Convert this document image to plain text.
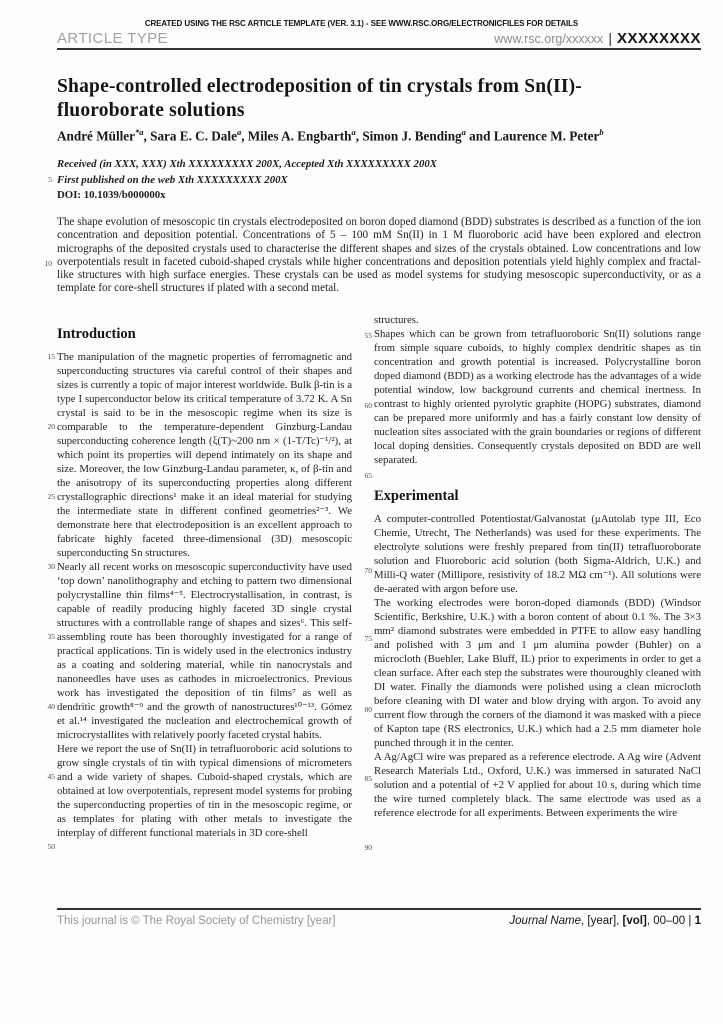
CREATED USING THE RSC ARTICLE TEMPLATE (VER. 3.1) - SEE WWW.RSC.ORG/ELECTRONICFILES FOR DETAILS
ARTICLE TYPE	www.rsc.org/xxxxxx | XXXXXXXX
Shape-controlled electrodeposition of tin crystals from Sn(II)-fluoroborate solutions
André Müller$^{*a}$, Sara E. C. Dale$^a$, Miles A. Engbarth$^a$, Simon J. Bending$^a$ and Laurence M. Peter$^b$
Received (in XXX, XXX) Xth XXXXXXXXX 200X, Accepted Xth XXXXXXXXX 200X
First published on the web Xth XXXXXXXXX 200X
DOI: 10.1039/b000000x
The shape evolution of mesoscopic tin crystals electrodeposited on boron doped diamond (BDD) substrates is described as a function of the ion concentration and deposition potential. Concentrations of 5 – 100 mM Sn(II) in 1 M fluoroboric acid have been explored and electron micrographs of the deposited crystals used to characterise the different shapes and sizes of the crystals obtained. Low concentrations and low overpotentials result in faceted cuboid-shaped crystals while higher concentrations and deposition potentials yield highly complex and fractal-like structures with high surface energies. These crystals can be used as model systems for studying mesoscopic superconductivity, or as a template for core-shell structures if plated with a second metal.
5
10
Introduction

The manipulation of the magnetic properties of ferromagnetic and superconducting structures via careful control of their shapes and sizes is currently a topic of major interest worldwide. Bulk β-tin is a type I superconductor below its critical temperature of 3.72 K. A Sn crystal is said to be in the mesoscopic regime when its size is comparable to the temperature-dependent Ginzburg-Landau superconducting coherence length (ξ(T)~200 nm × (1-T/Tc)⁻¹/²), at which point its properties will depend intimately on its shape and size. Moreover, the low Ginzburg-Landau parameter, κ, of β-tin and the anisotropy of its superconducting properties along different crystallographic directions¹ make it an ideal material for studying the intermediate state in different confined geometries²⁻³. We demonstrate here that electrodeposition is an excellent approach to fabricate highly faceted three-dimensional (3D) mesoscopic superconducting Sn structures.

Nearly all recent works on mesoscopic superconductivity have used ‘top down’ nanolithography and etching to pattern two dimensional polycrystalline thin films⁴⁻⁵. Electrocrystallisation, in contrast, is capable of readily producing highly faceted 3D single crystal structures with a controllable range of shapes and sizes⁶. This self-assembling route has been thoroughly investigated for a range of practical applications. Tin is widely used in the electronics industry as a coating and soldering material, while tin nanocrystals and nanoneedles have uses as cathodes in microelectronics. Previous work has investigated the deposition of tin films⁷ as well as dendritic growth⁸⁻⁹ and the growth of nanostructures¹⁰⁻¹³. Gómez et al.¹⁴ investigated the nucleation and electrochemical growth of microcrystallites with relatively poorly faceted crystal habits.

Here we report the use of Sn(II) in tetrafluoroboric acid solutions to grow single crystals of tin with typical dimensions of micrometers and a wide variety of shapes. Cuboid-shaped crystals, which are obtained at low overpotentials, represent model systems for probing the superconducting properties of tin in the mesoscopic regime, or as templates for plating with other metals to investigate the interplay of different functional materials in 3D core-shell

15
20
25
30
35
40
45
50

structures.

Shapes which can be grown from tetrafluoroboric Sn(II) solutions range from simple square cuboids, to highly complex dendritic shapes as tin concentration and growth potential is increased. Polycrystalline boron doped diamond (BDD) as a working electrode has the advantages of a wide potential window, low background currents and chemical inertness. In contrast to highly oriented pyrolytic graphite (HOPG) substrates, diamond can be prepared more uniformly and has a fairly constant low density of nucleation sites associated with the grain boundaries or regions of different local doping densities. Consequently crystals deposited on BDD are well separated.

Experimental

A computer-controlled Potentiostat/Galvanostat (μAutolab type III, Eco Chemie, Utrecht, The Netherlands) was used for these experiments. The electrolyte solutions were freshly prepared from tin(II) tetrafluoroborate solution and Fluoroboric acid solution (both Sigma-Aldrich, U.K.) and Milli-Q water (Millipore, resistivity of 18.2 MΩ cm⁻¹). All solutions were de-aerated with argon before use.

The working electrodes were boron-doped diamonds (BDD) (Windsor Scientific, Berkshire, U.K.) with a boron content of about 0.1 %. The 3×3 mm² diamond substrates were embedded in PTFE to allow easy handling and polished with 3 μm and 1 μm alumina powder (Buhler) on a microcloth (Buehler, Lake Bluff, IL) prior to experiments in order to get a clean surface. After each step the substrates were thouroughly cleaned with DI water. Finally the diamonds were polished using a clean microcloth before cleaning with DI water and blow drying with argon. To avoid any current flow through the corners of the diamond it was masked with a piece of Kapton tape (RS electronics, U.K.) which had a 2.5 mm diameter hole punched through it in the center.

A Ag/AgCl wire was prepared as a reference electrode. A Ag wire (Advent Research Materials Ltd., Oxford, U.K.) was immersed in saturated NaCl solution and a potential of +2 V applied for about 10 s, during which time the wire turned completely black. The same electrode was used as a reference electrode for all experiments. Between experiments the wire

55
60
65
70
75
80
85
90
This journal is © The Royal Society of Chemistry [year]	Journal Name, [year], [vol], 00–00 | 1
